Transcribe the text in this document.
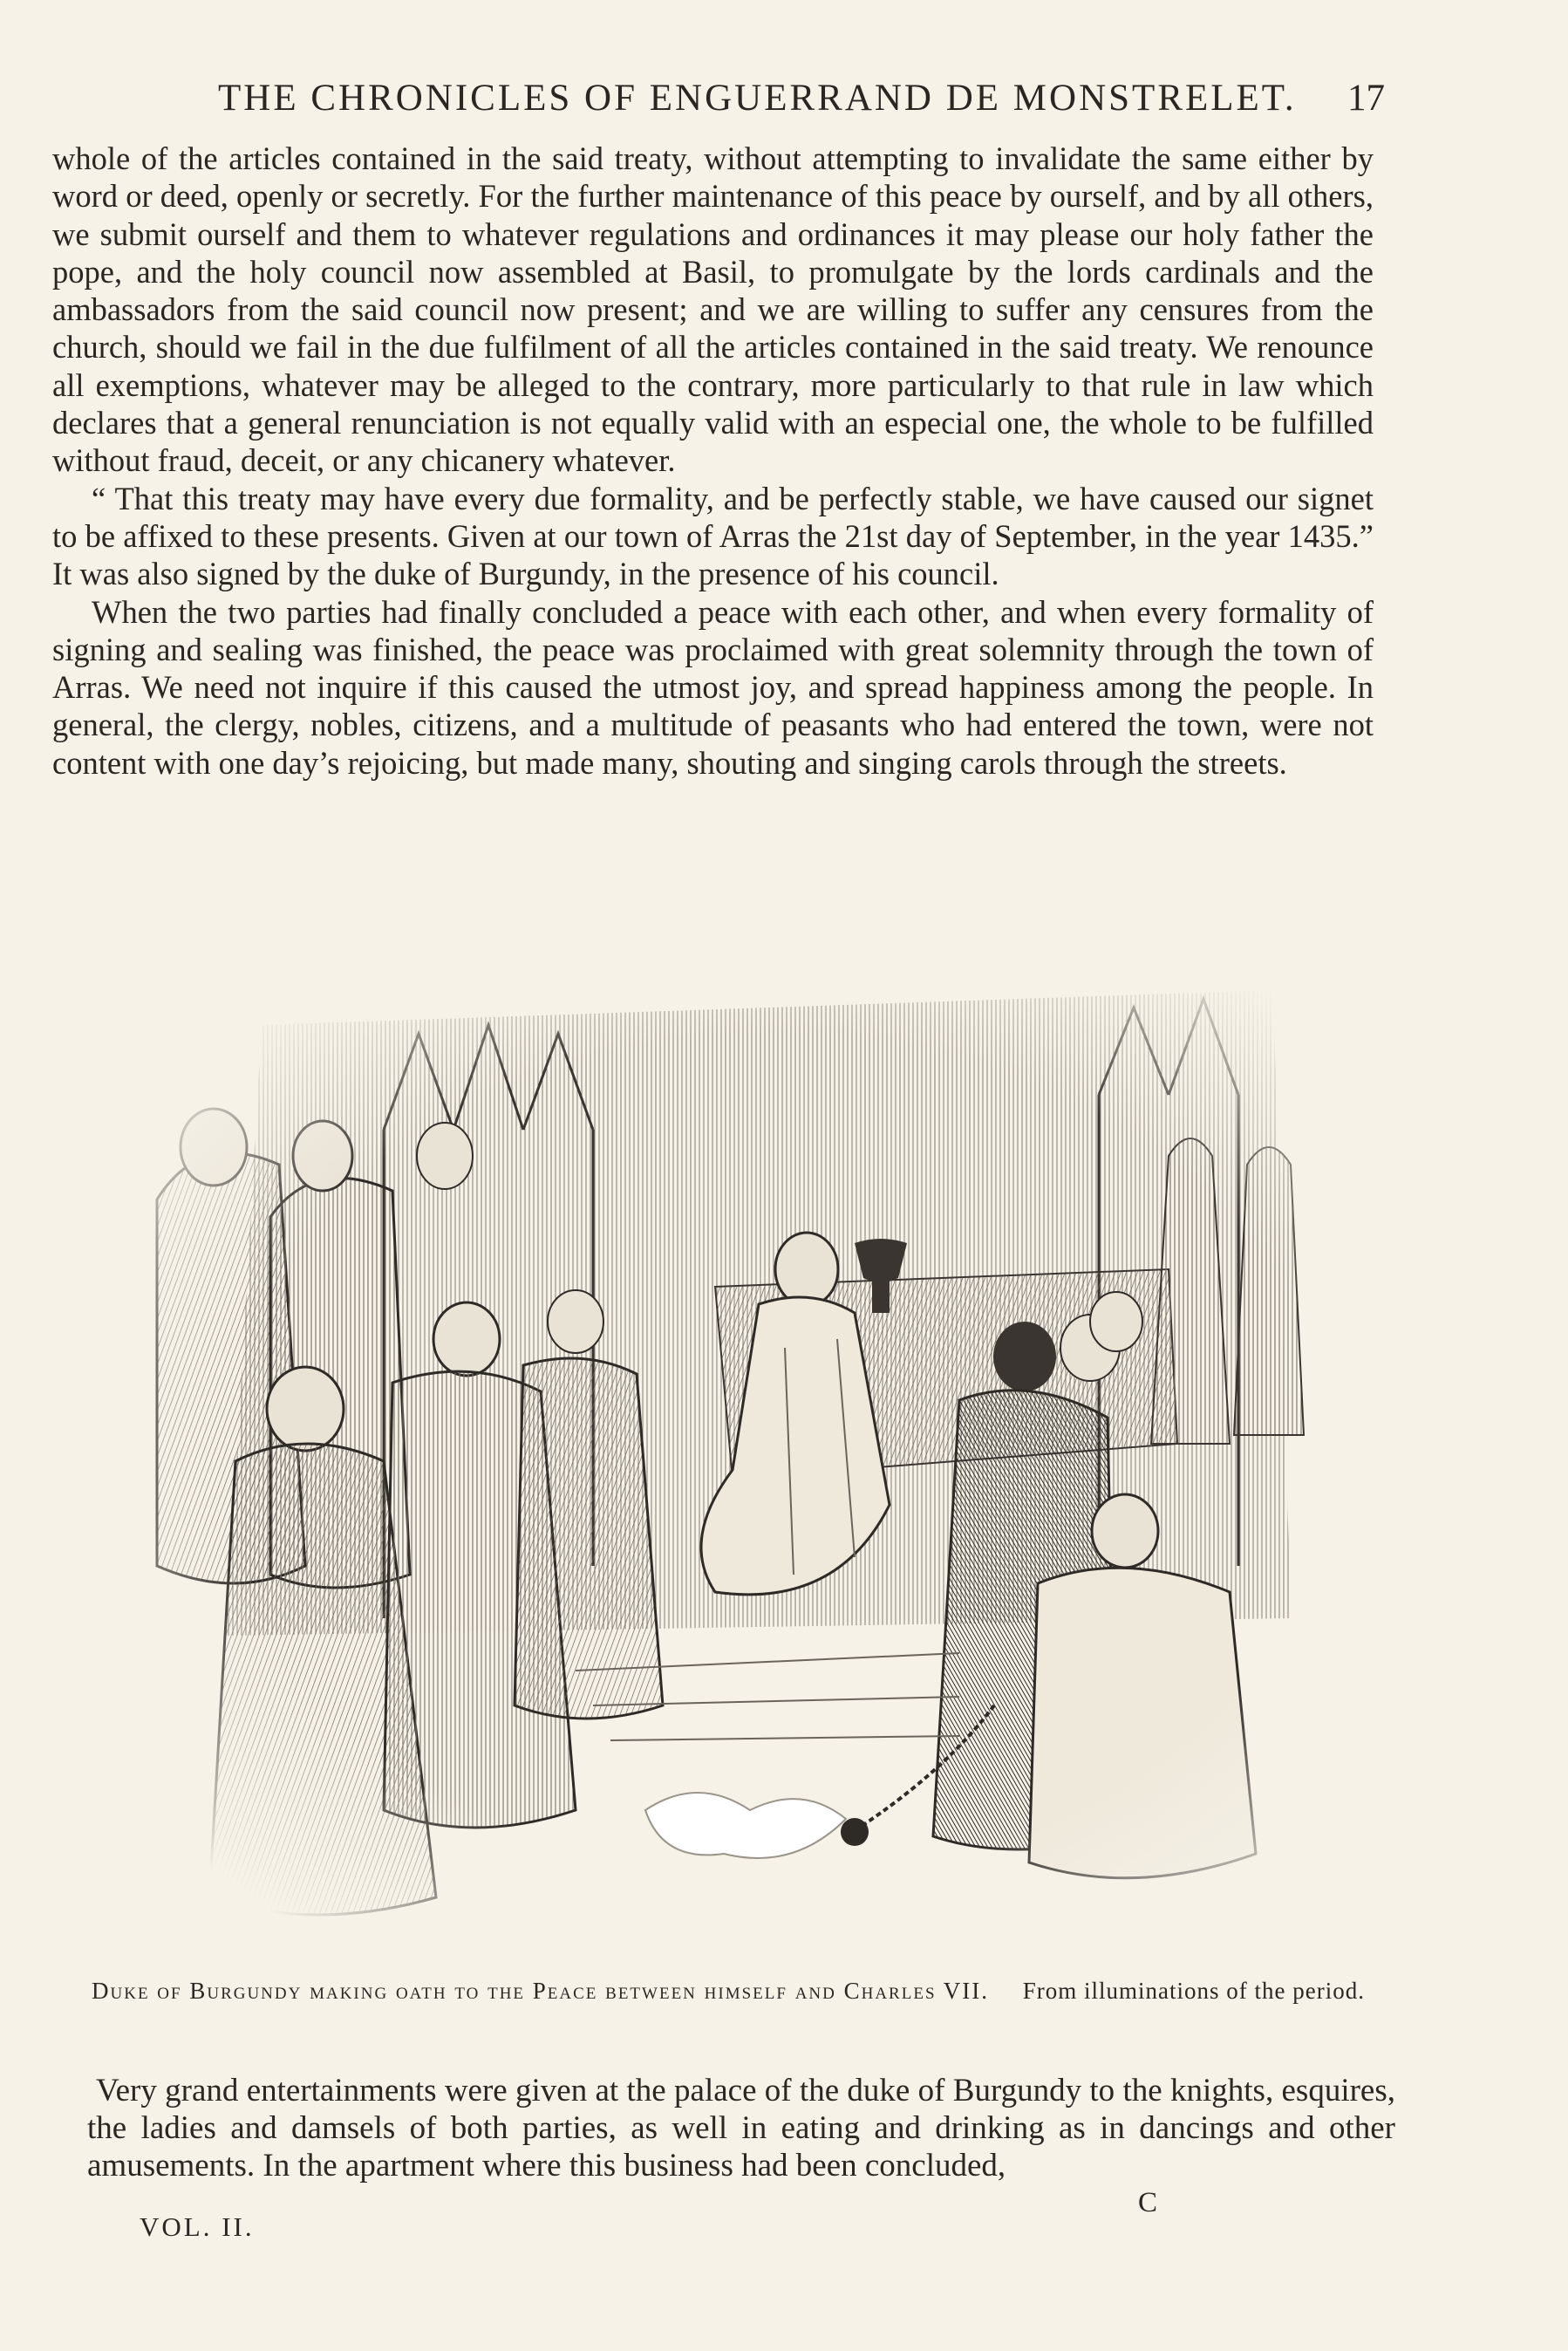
THE CHRONICLES OF ENGUERRAND DE MONSTRELET.	17

whole of the articles contained in the said treaty, without attempting to invalidate the same either by word or deed, openly or secretly. For the further maintenance of this peace by ourself, and by all others, we submit ourself and them to whatever regulations and ordinances it may please our holy father the pope, and the holy council now assembled at Basil, to promulgate by the lords cardinals and the ambassadors from the said council now present; and we are willing to suffer any censures from the church, should we fail in the due fulfilment of all the articles contained in the said treaty. We renounce all exemptions, whatever may be alleged to the contrary, more particularly to that rule in law which declares that a general renunciation is not equally valid with an especial one, the whole to be fulfilled without fraud, deceit, or any chicanery whatever.

“ That this treaty may have every due formality, and be perfectly stable, we have caused our signet to be affixed to these presents. Given at our town of Arras the 21st day of September, in the year 1435.” It was also signed by the duke of Burgundy, in the presence of his council.

When the two parties had finally concluded a peace with each other, and when every formality of signing and sealing was finished, the peace was proclaimed with great solemnity through the town of Arras. We need not inquire if this caused the utmost joy, and spread happiness among the people. In general, the clergy, nobles, citizens, and a multitude of peasants who had entered the town, were not content with one day’s rejoicing, but made many, shouting and singing carols through the streets.

Duke of Burgundy making oath to the Peace between himself and Charles VII. From illuminations of the period.

Very grand entertainments were given at the palace of the duke of Burgundy to the knights, esquires, the ladies and damsels of both parties, as well in eating and drinking as in dancings and other amusements. In the apartment where this business had been concluded,

C
VOL. II.
